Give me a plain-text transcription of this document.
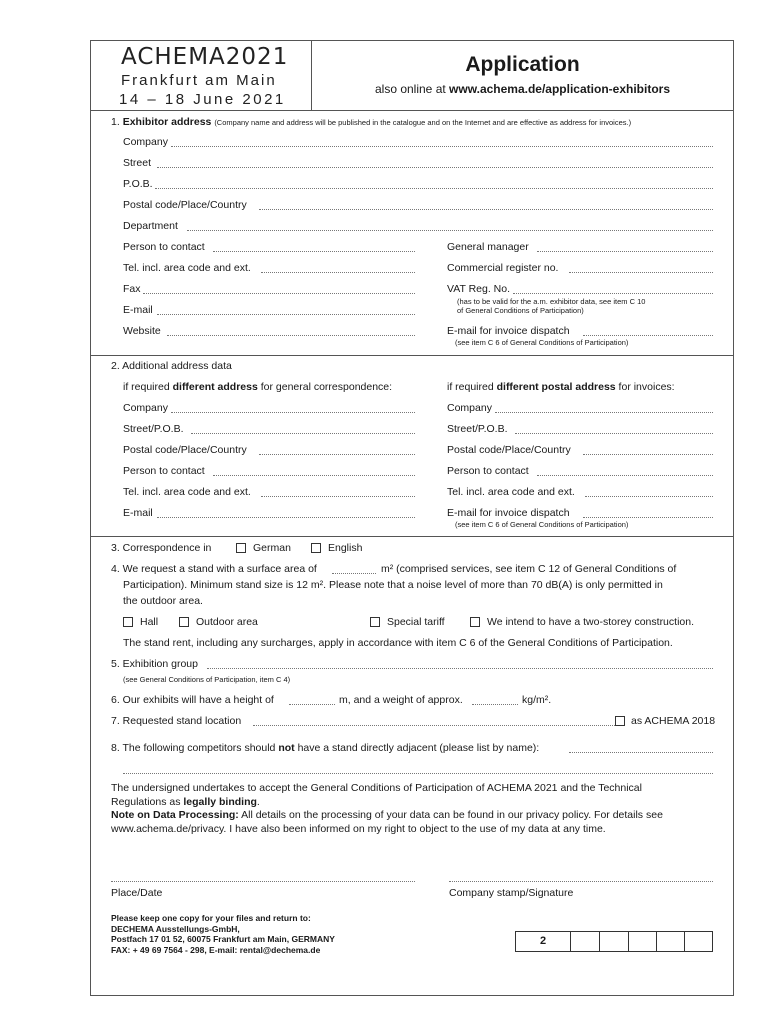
ACHEMA2021
Frankfurt am Main
14 – 18 June 2021
Application
also online at www.achema.de/application-exhibitors
1. Exhibitor address (Company name and address will be published in the catalogue and on the Internet and are effective as address for invoices.)
Company
Street
P.O.B.
Postal code/Place/Country
Department
Person to contact	General manager
Tel. incl. area code and ext.	Commercial register no.
Fax	VAT Reg. No.
(has to be valid for the a.m. exhibitor data, see item C 10
of General Conditions of Participation)
E-mail
Website	E-mail for invoice dispatch
(see item C 6 of General Conditions of Participation)
2. Additional address data
if required different address for general correspondence:	if required different postal address for invoices:
Company	Company
Street/P.O.B.	Street/P.O.B.
Postal code/Place/Country	Postal code/Place/Country
Person to contact	Person to contact
Tel. incl. area code and ext.	Tel. incl. area code and ext.
E-mail	E-mail for invoice dispatch
(see item C 6 of General Conditions of Participation)
3. Correspondence in	German	English
4. We request a stand with a surface area of	m² (comprised services, see item C 12 of General Conditions of
Participation). Minimum stand size is 12 m². Please note that a noise level of more than 70 dB(A) is only permitted in
the outdoor area.
Hall	Outdoor area	Special tariff	We intend to have a two-storey construction.
The stand rent, including any surcharges, apply in accordance with item C 6 of the General Conditions of Participation.
5. Exhibition group
(see General Conditions of Participation, item C 4)
6. Our exhibits will have a height of	m, and a weight of approx.	kg/m².
7. Requested stand location	as ACHEMA 2018
8. The following competitors should not have a stand directly adjacent (please list by name):
The undersigned undertakes to accept the General Conditions of Participation of ACHEMA 2021 and the Technical
Regulations as legally binding.
Note on Data Processing: All details on the processing of your data can be found in our privacy policy. For details see
www.achema.de/privacy. I have also been informed on my right to object to the use of my data at any time.
Place/Date	Company stamp/Signature
Please keep one copy for your files and return to:
DECHEMA Ausstellungs-GmbH,
Postfach 17 01 52, 60075 Frankfurt am Main, GERMANY
FAX: + 49 69 7564 - 298, E-mail: rental@dechema.de
2
